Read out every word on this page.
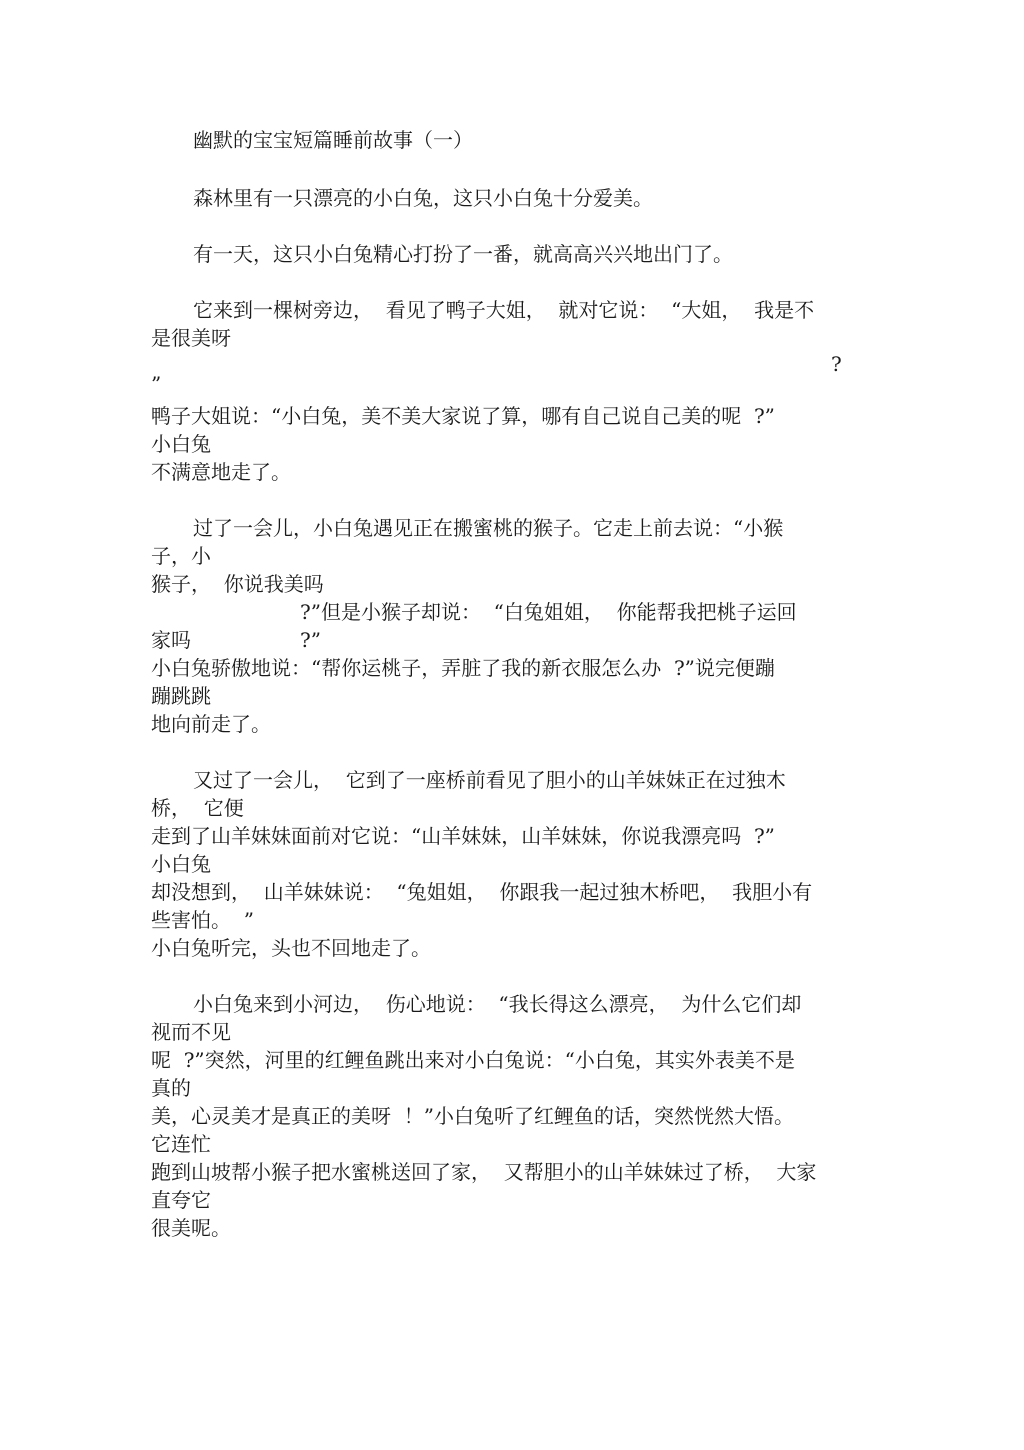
幽默的宝宝短篇睡前故事（一）

森林里有一只漂亮的小白兔，这只小白兔十分爱美。

有一天，这只小白兔精心打扮了一番，就高高兴兴地出门了。

它来到一棵树旁边，  看见了鸭子大姐，  就对它说：  “大姐，  我是不

是很美呀

?

”

鸭子大姐说：“小白兔，美不美大家说了算，哪有自己说自己美的呢  ?”

小白兔

不满意地走了。

过了一会儿，小白兔遇见正在搬蜜桃的猴子。它走上前去说：“小猴

子，小

猴子，  你说我美吗

?”但是小猴子却说：  “白兔姐姐，  你能帮我把桃子运回

家吗	?”

小白兔骄傲地说：“帮你运桃子，弄脏了我的新衣服怎么办  ?”说完便蹦

蹦跳跳

地向前走了。

又过了一会儿，  它到了一座桥前看见了胆小的山羊妹妹正在过独木

桥，  它便

走到了山羊妹妹面前对它说：“山羊妹妹，山羊妹妹，你说我漂亮吗  ?”

小白兔

却没想到，  山羊妹妹说：  “兔姐姐，  你跟我一起过独木桥吧，  我胆小有

些害怕。  ”

小白兔听完，头也不回地走了。

小白兔来到小河边，  伤心地说：  “我长得这么漂亮，  为什么它们却

视而不见

呢  ?”突然，河里的红鲤鱼跳出来对小白兔说：“小白兔，其实外表美不是

真的

美，心灵美才是真正的美呀  ！”小白兔听了红鲤鱼的话，突然恍然大悟。

它连忙

跑到山坡帮小猴子把水蜜桃送回了家，  又帮胆小的山羊妹妹过了桥，  大家

直夸它

很美呢。
